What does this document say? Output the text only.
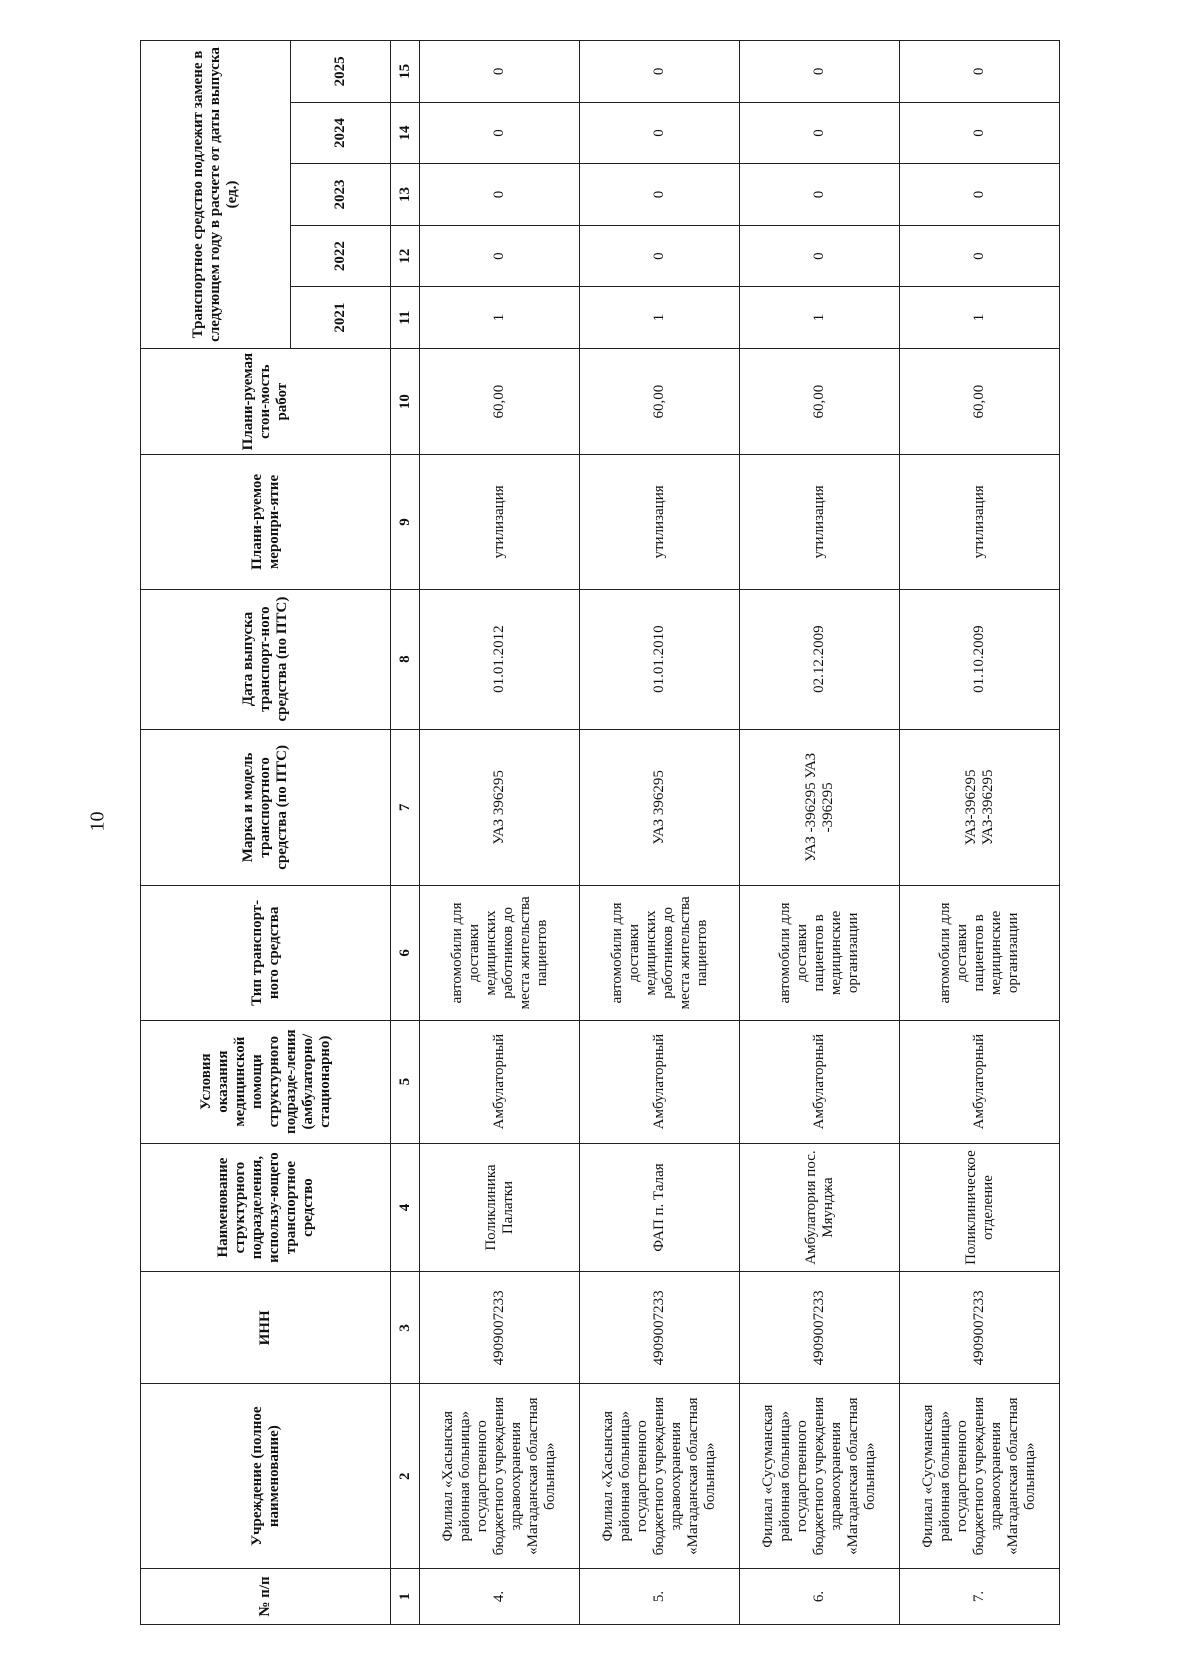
10
№ п/п	Учреждение (полное наименование)	ИНН	Наименование структурного подразделения, использу-ющего транспортное средство	Условия оказания медицинской помощи структурного подразде-ления (амбулаторно/ стационарно)	Тип транспорт-ного средства	Марка и модель транспортного средства (по ПТС)	Дата выпуска транспорт-ного средства (по ПТС)	Плани-руемое меропри-ятие	Плани-руемая стои-мость работ	Транспортное средство подлежит замене в следующем году в расчете от даты выпуска (ед.)				
										2021	2022	2023	2024	2025
1	2	3	4	5	6	7	8	9	10	11	12	13	14	15
4.	Филиал «Хасынская районная больница» государственного бюджетного учреждения здравоохранения «Магаданская областная больница»	4909007233	Поликлиника Палатки	Амбулаторный	автомобили для доставки медицинских работников до места жительства пациентов	УАЗ 396295	01.01.2012	утилизация	60,00	1	0	0	0	0
5.	Филиал «Хасынская районная больница» государственного бюджетного учреждения здравоохранения «Магаданская областная больница»	4909007233	ФАП п. Талая	Амбулаторный	автомобили для доставки медицинских работников до места жительства пациентов	УАЗ 396295	01.01.2010	утилизация	60,00	1	0	0	0	0
6.	Филиал «Сусуманская районная больница» государственного бюджетного учреждения здравоохранения «Магаданская областная больница»	4909007233	Амбулатория пос. Мяунджа	Амбулаторный	автомобили для доставки пациентов в медицинские организации	УАЗ -396295 УАЗ -396295	02.12.2009	утилизация	60,00	1	0	0	0	0
7.	Филиал «Сусуманская районная больница» государственного бюджетного учреждения здравоохранения «Магаданская областная больница»	4909007233	Поликлиническое отделение	Амбулаторный	автомобили для доставки пациентов в медицинские организации	УАЗ-396295 УАЗ-396295	01.10.2009	утилизация	60,00	1	0	0	0	0
